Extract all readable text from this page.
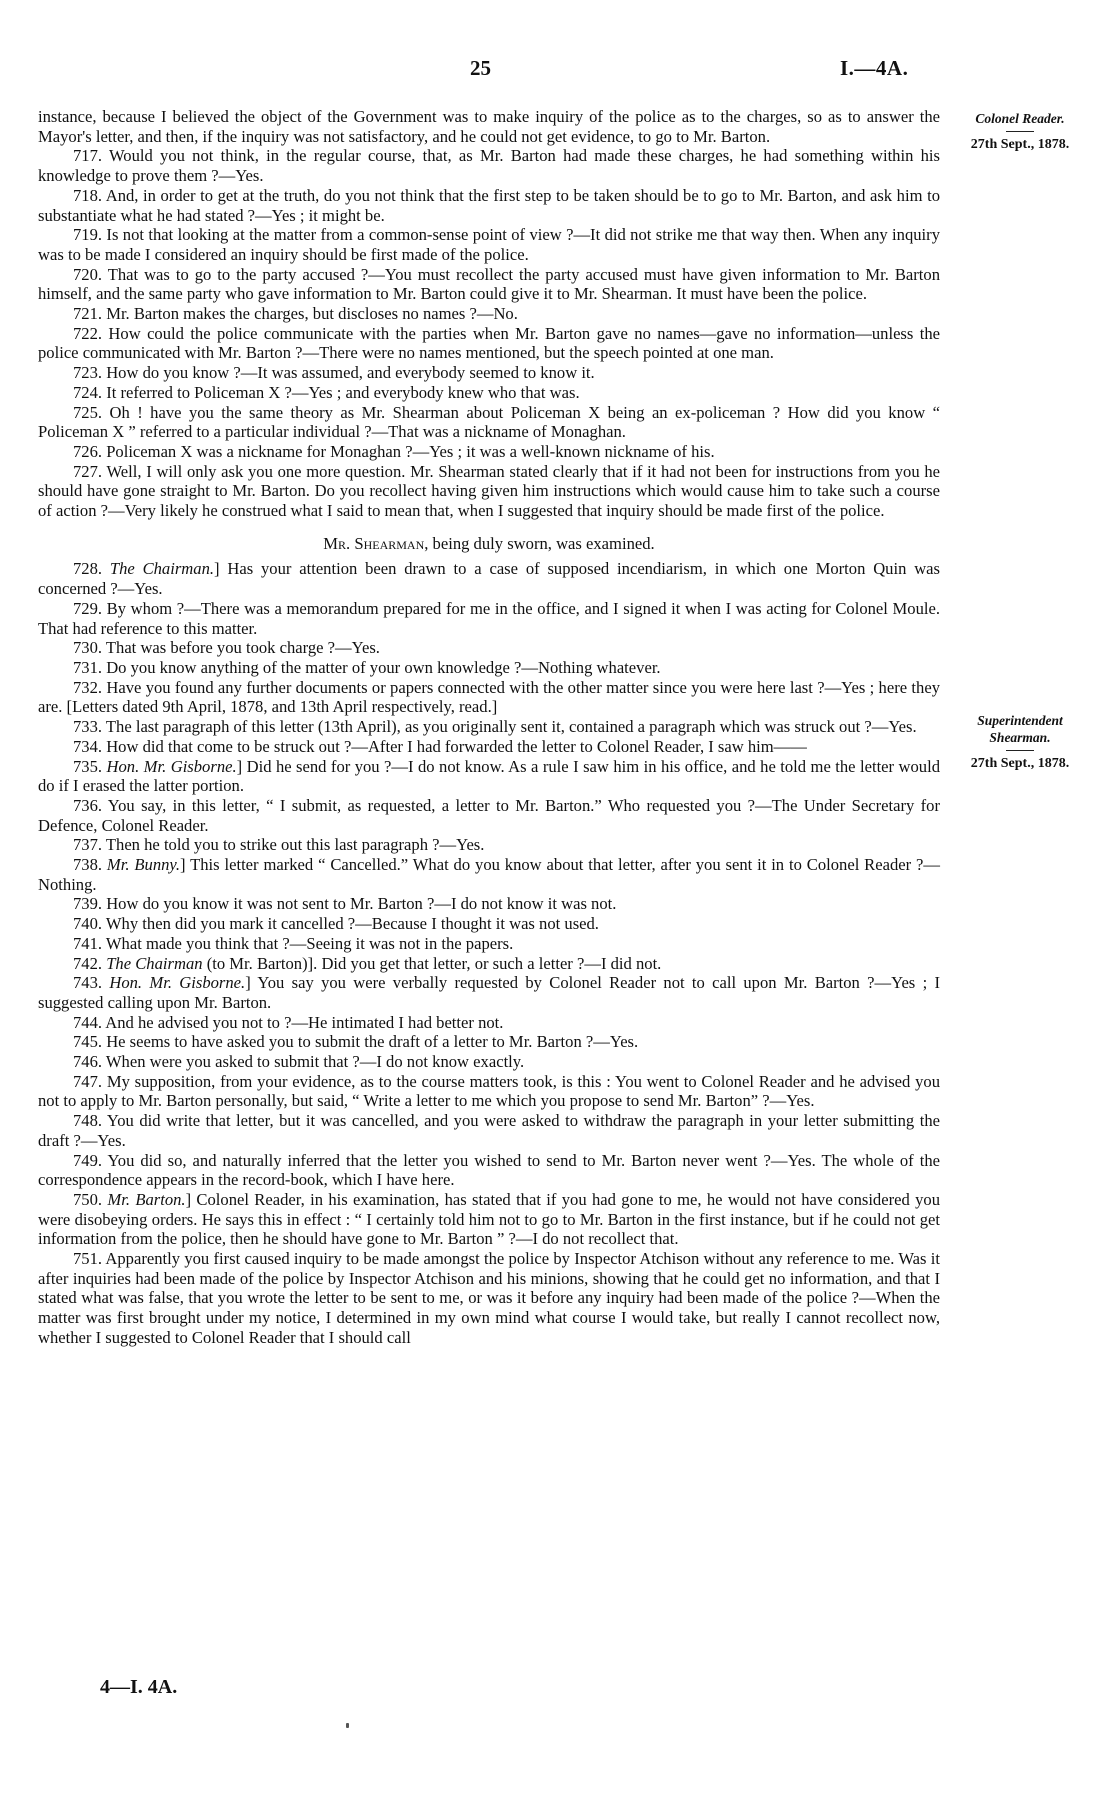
25	I.—4A.
Colonel Reader.
27th Sept., 1878.
Superintendent Shearman.
27th Sept., 1878.

instance, because I believed the object of the Government was to make inquiry of the police as to the charges, so as to answer the Mayor's letter, and then, if the inquiry was not satisfactory, and he could not get evidence, to go to Mr. Barton.

717. Would you not think, in the regular course, that, as Mr. Barton had made these charges, he had something within his knowledge to prove them ?—Yes.

718. And, in order to get at the truth, do you not think that the first step to be taken should be to go to Mr. Barton, and ask him to substantiate what he had stated ?—Yes ; it might be.

719. Is not that looking at the matter from a common-sense point of view ?—It did not strike me that way then. When any inquiry was to be made I considered an inquiry should be first made of the police.

720. That was to go to the party accused ?—You must recollect the party accused must have given information to Mr. Barton himself, and the same party who gave information to Mr. Barton could give it to Mr. Shearman. It must have been the police.

721. Mr. Barton makes the charges, but discloses no names ?—No.

722. How could the police communicate with the parties when Mr. Barton gave no names—gave no information—unless the police communicated with Mr. Barton ?—There were no names mentioned, but the speech pointed at one man.

723. How do you know ?—It was assumed, and everybody seemed to know it.

724. It referred to Policeman X ?—Yes ; and everybody knew who that was.

725. Oh ! have you the same theory as Mr. Shearman about Policeman X being an ex-policeman ? How did you know “ Policeman X ” referred to a particular individual ?—That was a nickname of Monaghan.

726. Policeman X was a nickname for Monaghan ?—Yes ; it was a well-known nickname of his.

727. Well, I will only ask you one more question. Mr. Shearman stated clearly that if it had not been for instructions from you he should have gone straight to Mr. Barton. Do you recollect having given him instructions which would cause him to take such a course of action ?—Very likely he construed what I said to mean that, when I suggested that inquiry should be made first of the police.

Mr. Shearman, being duly sworn, was examined.

728. The Chairman.] Has your attention been drawn to a case of supposed incendiarism, in which one Morton Quin was concerned ?—Yes.

729. By whom ?—There was a memorandum prepared for me in the office, and I signed it when I was acting for Colonel Moule. That had reference to this matter.

730. That was before you took charge ?—Yes.

731. Do you know anything of the matter of your own knowledge ?—Nothing whatever.

732. Have you found any further documents or papers connected with the other matter since you were here last ?—Yes ; here they are. [Letters dated 9th April, 1878, and 13th April respectively, read.]

733. The last paragraph of this letter (13th April), as you originally sent it, contained a paragraph which was struck out ?—Yes.

734. How did that come to be struck out ?—After I had forwarded the letter to Colonel Reader, I saw him——

735. Hon. Mr. Gisborne.] Did he send for you ?—I do not know. As a rule I saw him in his office, and he told me the letter would do if I erased the latter portion.

736. You say, in this letter, “ I submit, as requested, a letter to Mr. Barton.” Who requested you ?—The Under Secretary for Defence, Colonel Reader.

737. Then he told you to strike out this last paragraph ?—Yes.

738. Mr. Bunny.] This letter marked “ Cancelled.” What do you know about that letter, after you sent it in to Colonel Reader ?—Nothing.

739. How do you know it was not sent to Mr. Barton ?—I do not know it was not.

740. Why then did you mark it cancelled ?—Because I thought it was not used.

741. What made you think that ?—Seeing it was not in the papers.

742. The Chairman (to Mr. Barton)]. Did you get that letter, or such a letter ?—I did not.

743. Hon. Mr. Gisborne.] You say you were verbally requested by Colonel Reader not to call upon Mr. Barton ?—Yes ; I suggested calling upon Mr. Barton.

744. And he advised you not to ?—He intimated I had better not.

745. He seems to have asked you to submit the draft of a letter to Mr. Barton ?—Yes.

746. When were you asked to submit that ?—I do not know exactly.

747. My supposition, from your evidence, as to the course matters took, is this : You went to Colonel Reader and he advised you not to apply to Mr. Barton personally, but said, “ Write a letter to me which you propose to send Mr. Barton” ?—Yes.

748. You did write that letter, but it was cancelled, and you were asked to withdraw the paragraph in your letter submitting the draft ?—Yes.

749. You did so, and naturally inferred that the letter you wished to send to Mr. Barton never went ?—Yes. The whole of the correspondence appears in the record-book, which I have here.

750. Mr. Barton.] Colonel Reader, in his examination, has stated that if you had gone to me, he would not have considered you were disobeying orders. He says this in effect : “ I certainly told him not to go to Mr. Barton in the first instance, but if he could not get information from the police, then he should have gone to Mr. Barton ” ?—I do not recollect that.

751. Apparently you first caused inquiry to be made amongst the police by Inspector Atchison without any reference to me. Was it after inquiries had been made of the police by Inspector Atchison and his minions, showing that he could get no information, and that I stated what was false, that you wrote the letter to be sent to me, or was it before any inquiry had been made of the police ?—When the matter was first brought under my notice, I determined in my own mind what course I would take, but really I cannot recollect now, whether I suggested to Colonel Reader that I should call

4—I. 4A.
